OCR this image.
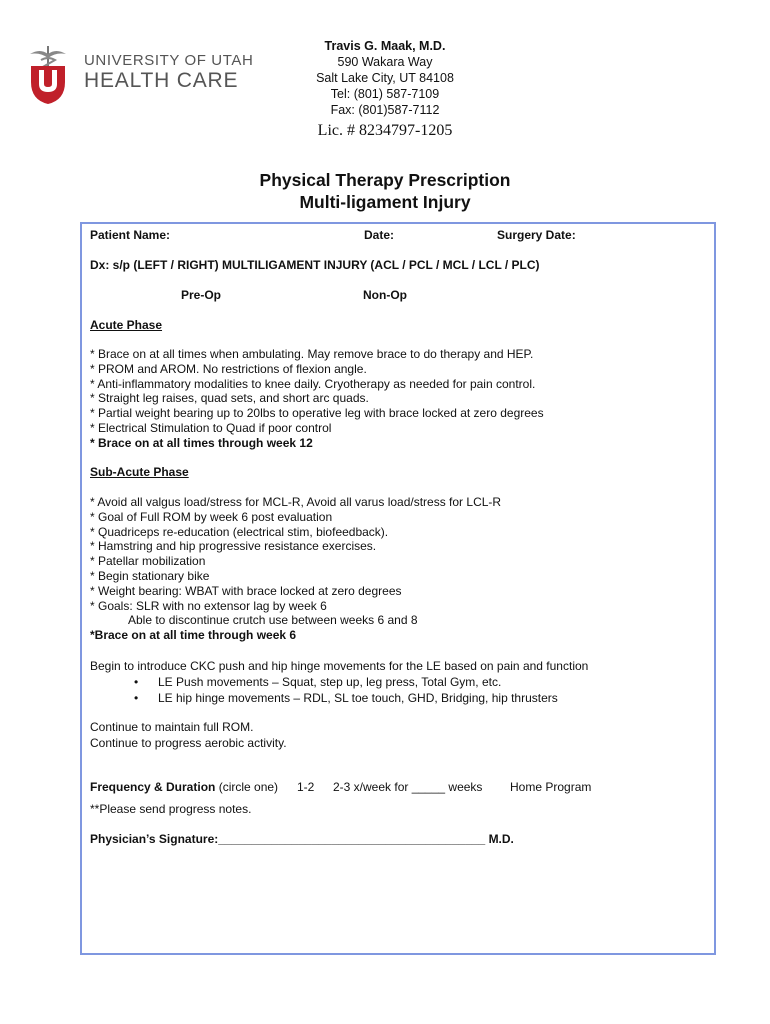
UNIVERSITY OF UTAH
HEALTH CARE
Travis G. Maak, M.D.
590 Wakara Way
Salt Lake City, UT 84108
Tel: (801) 587-7109
Fax: (801)587-7112
Lic. # 8234797-1205
Physical Therapy Prescription
Multi-ligament Injury
Patient Name:	Date:	Surgery Date:
Dx: s/p (LEFT / RIGHT) MULTILIGAMENT INJURY (ACL / PCL / MCL / LCL / PLC)
Pre-Op	Non-Op
Acute Phase
* Brace on at all times when ambulating. May remove brace to do therapy and HEP.
* PROM and AROM. No restrictions of flexion angle.
* Anti-inflammatory modalities to knee daily. Cryotherapy as needed for pain control.
* Straight leg raises, quad sets, and short arc quads.
* Partial weight bearing up to 20lbs to operative leg with brace locked at zero degrees
* Electrical Stimulation to Quad if poor control
* Brace on at all times through week 12
Sub-Acute Phase
* Avoid all valgus load/stress for MCL-R, Avoid all varus load/stress for LCL-R
* Goal of Full ROM by week 6 post evaluation
* Quadriceps re-education (electrical stim, biofeedback).
* Hamstring and hip progressive resistance exercises.
* Patellar mobilization
* Begin stationary bike
* Weight bearing: WBAT with brace locked at zero degrees
* Goals: SLR with no extensor lag by week 6
Able to discontinue crutch use between weeks 6 and 8
*Brace on at all time through week 6
Begin to introduce CKC push and hip hinge movements for the LE based on pain and function
• LE Push movements – Squat, step up, leg press, Total Gym, etc.
• LE hip hinge movements – RDL, SL toe touch, GHD, Bridging, hip thrusters
Continue to maintain full ROM.
Continue to progress aerobic activity.
Frequency & Duration (circle one) 1-2 2-3 x/week for _____ weeks Home Program
**Please send progress notes.
Physician’s Signature:________________________________________ M.D.
